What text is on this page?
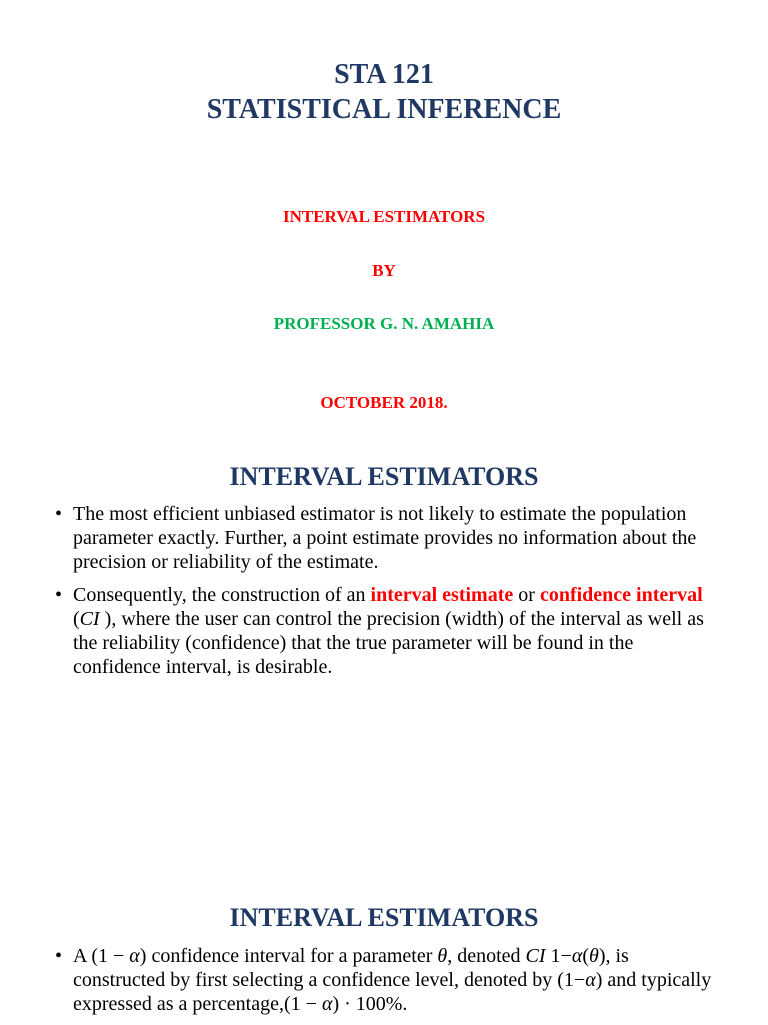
STA 121
STATISTICAL INFERENCE
INTERVAL ESTIMATORS
BY
PROFESSOR G. N. AMAHIA
OCTOBER 2018.
INTERVAL ESTIMATORS
• The most efficient unbiased estimator is not likely to estimate the population parameter exactly. Further, a point estimate provides no information about the precision or reliability of the estimate.
• Consequently, the construction of an interval estimate or confidence interval (CI ), where the user can control the precision (width) of the interval as well as the reliability (confidence) that the true parameter will be found in the confidence interval, is desirable.
INTERVAL ESTIMATORS
• A (1 − α) confidence interval for a parameter θ, denoted CI 1−α(θ), is constructed by first selecting a confidence level, denoted by (1−α) and typically expressed as a percentage,(1 − α) · 100%.
